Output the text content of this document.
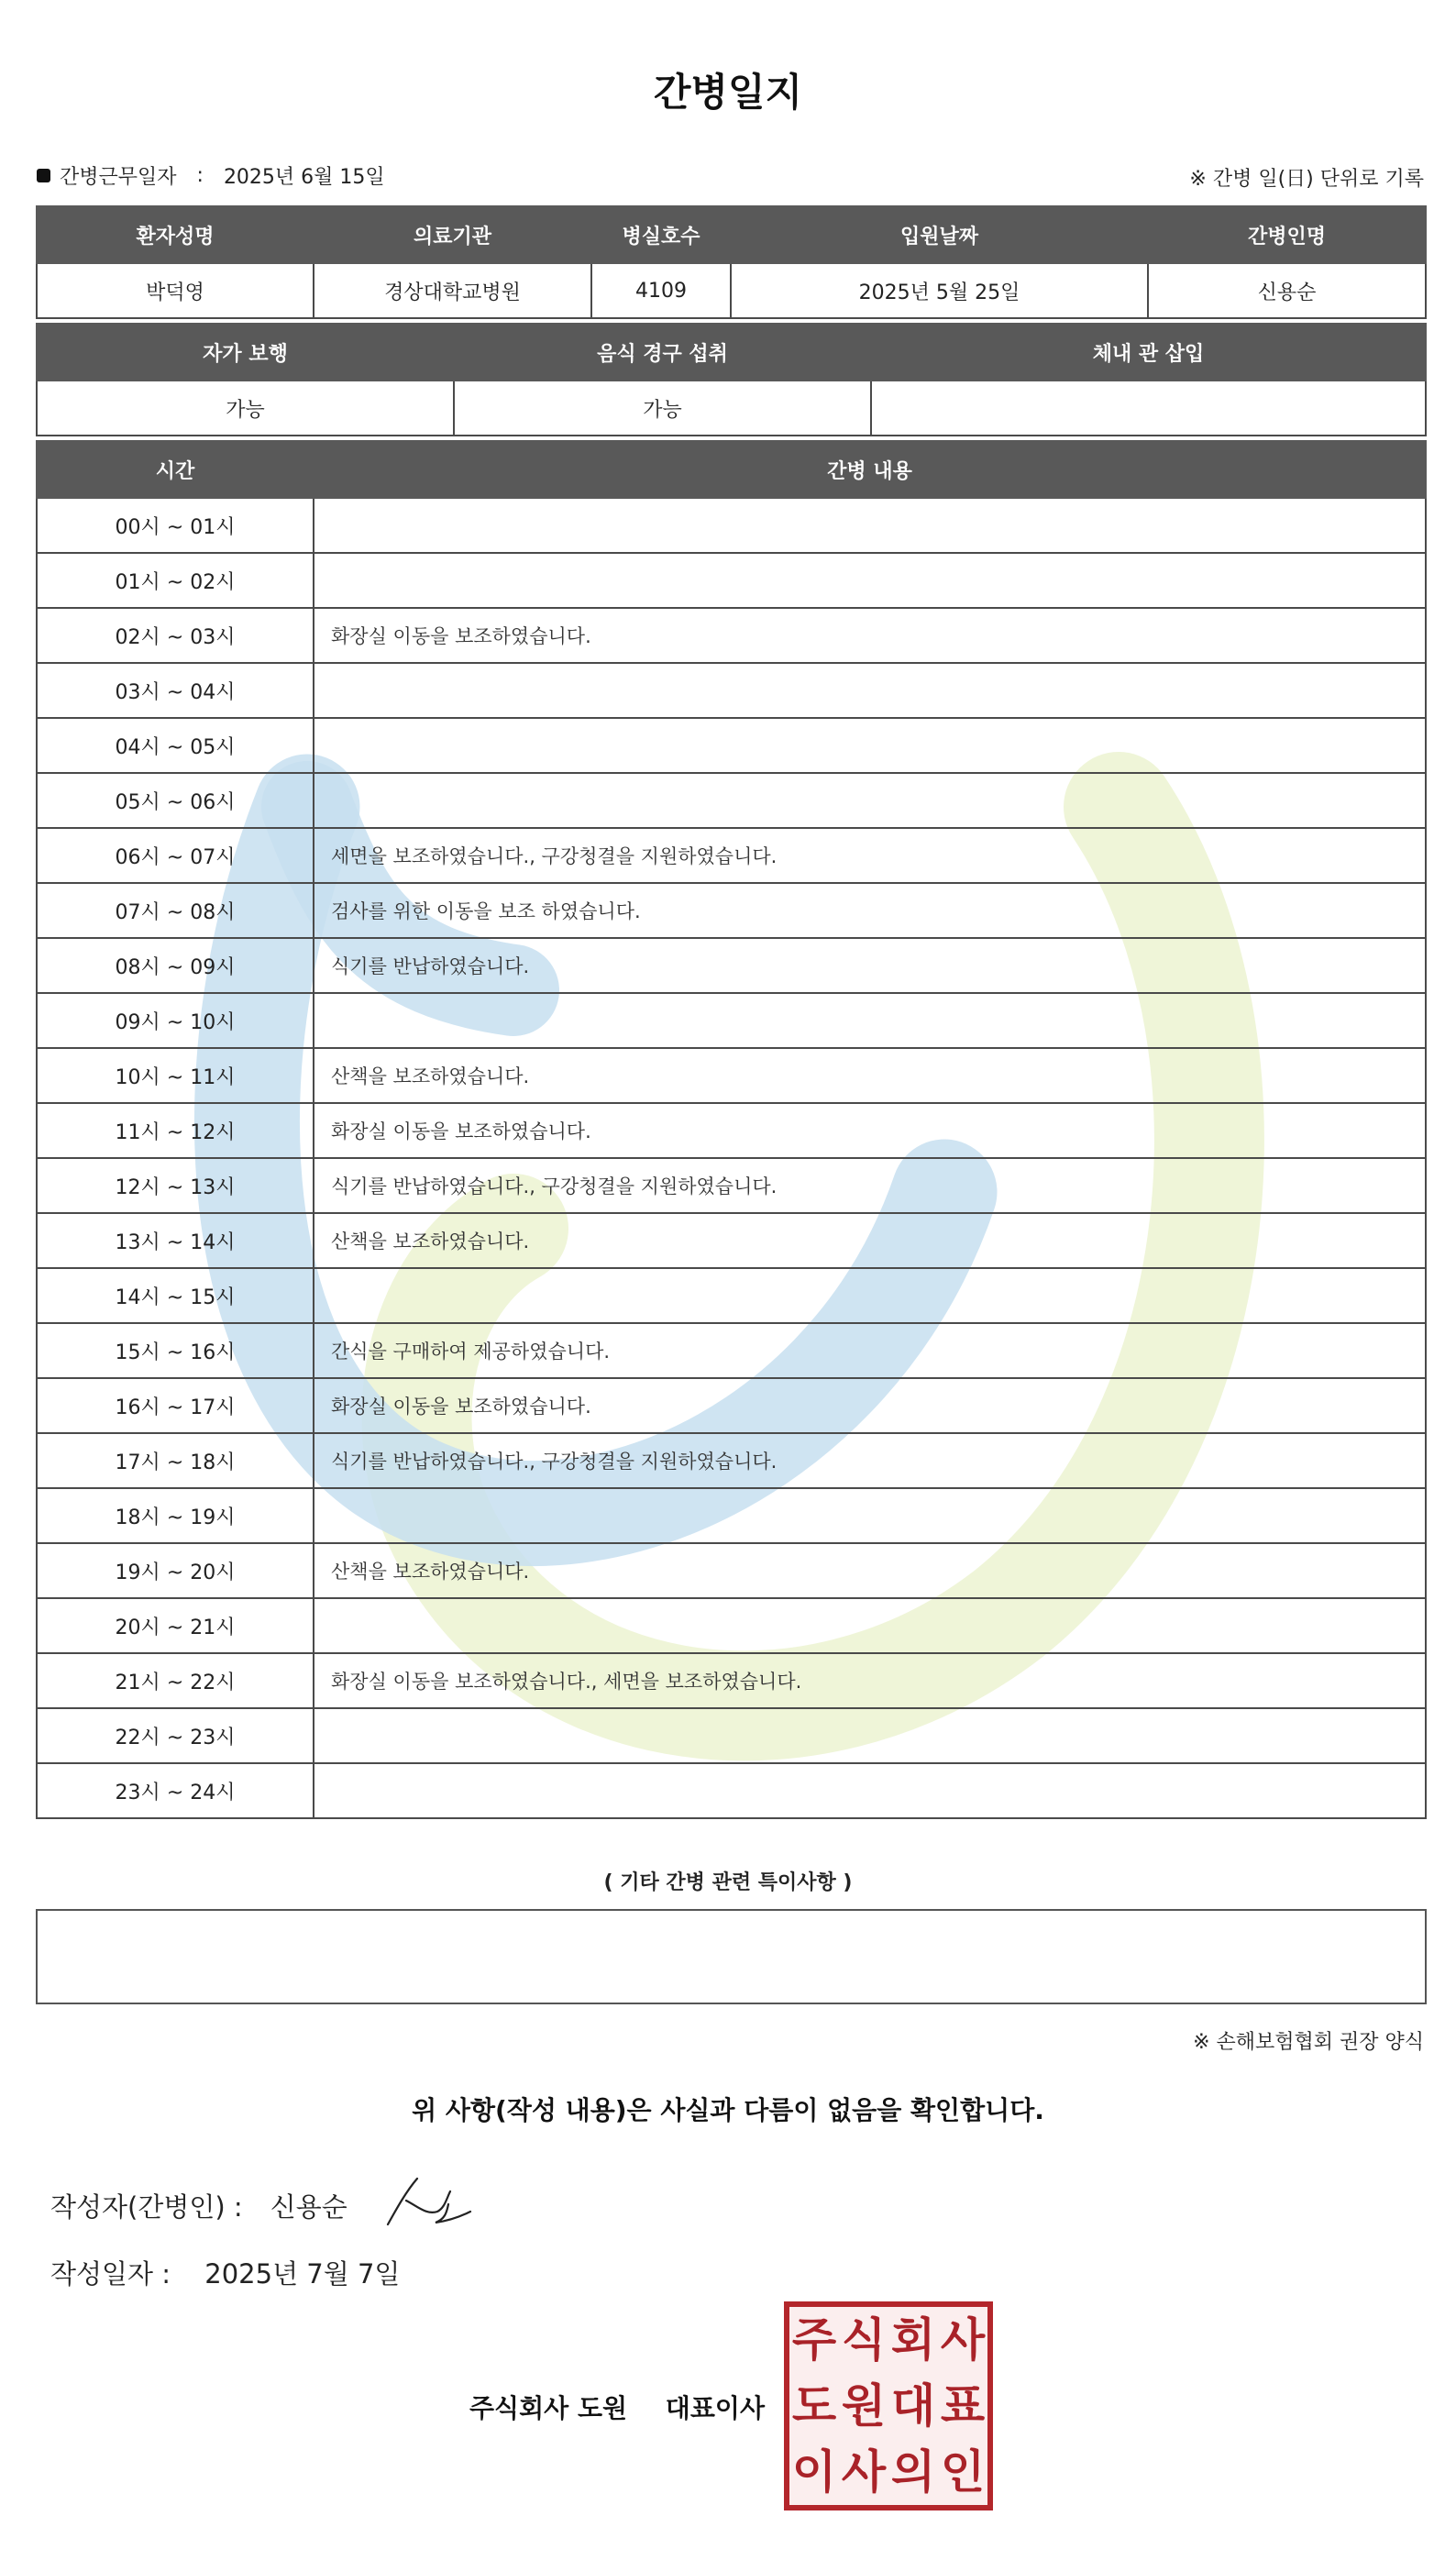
간병일지
간병근무일자 : 2025년 6월 15일	※ 간병 일(日) 단위로 기록
환자성명	의료기관	병실호수	입원날짜	간병인명
박덕영	경상대학교병원	4109	2025년 5월 25일	신용순
자가 보행	음식 경구 섭취	체내 관 삽입
가능	가능	
시간	간병 내용
00시 ~ 01시	
01시 ~ 02시	
02시 ~ 03시	화장실 이동을 보조하였습니다.
03시 ~ 04시	
04시 ~ 05시	
05시 ~ 06시	
06시 ~ 07시	세면을 보조하였습니다., 구강청결을 지원하였습니다.
07시 ~ 08시	검사를 위한 이동을 보조 하였습니다.
08시 ~ 09시	식기를 반납하였습니다.
09시 ~ 10시	
10시 ~ 11시	산책을 보조하였습니다.
11시 ~ 12시	화장실 이동을 보조하였습니다.
12시 ~ 13시	식기를 반납하였습니다., 구강청결을 지원하였습니다.
13시 ~ 14시	산책을 보조하였습니다.
14시 ~ 15시	
15시 ~ 16시	간식을 구매하여 제공하였습니다.
16시 ~ 17시	화장실 이동을 보조하였습니다.
17시 ~ 18시	식기를 반납하였습니다., 구강청결을 지원하였습니다.
18시 ~ 19시	
19시 ~ 20시	산책을 보조하였습니다.
20시 ~ 21시	
21시 ~ 22시	화장실 이동을 보조하였습니다., 세면을 보조하였습니다.
22시 ~ 23시	
23시 ~ 24시	
( 기타 간병 관련 특이사항 )
※ 손해보험협회 권장 양식
위 사항(작성 내용)은 사실과 다름이 없음을 확인합니다.
작성자(간병인) : 신용순
작성일자 : 2025년 7월 7일
주식회사 도원 대표이사
주 식 회 사
도 원 대 표
이 사 의 인
